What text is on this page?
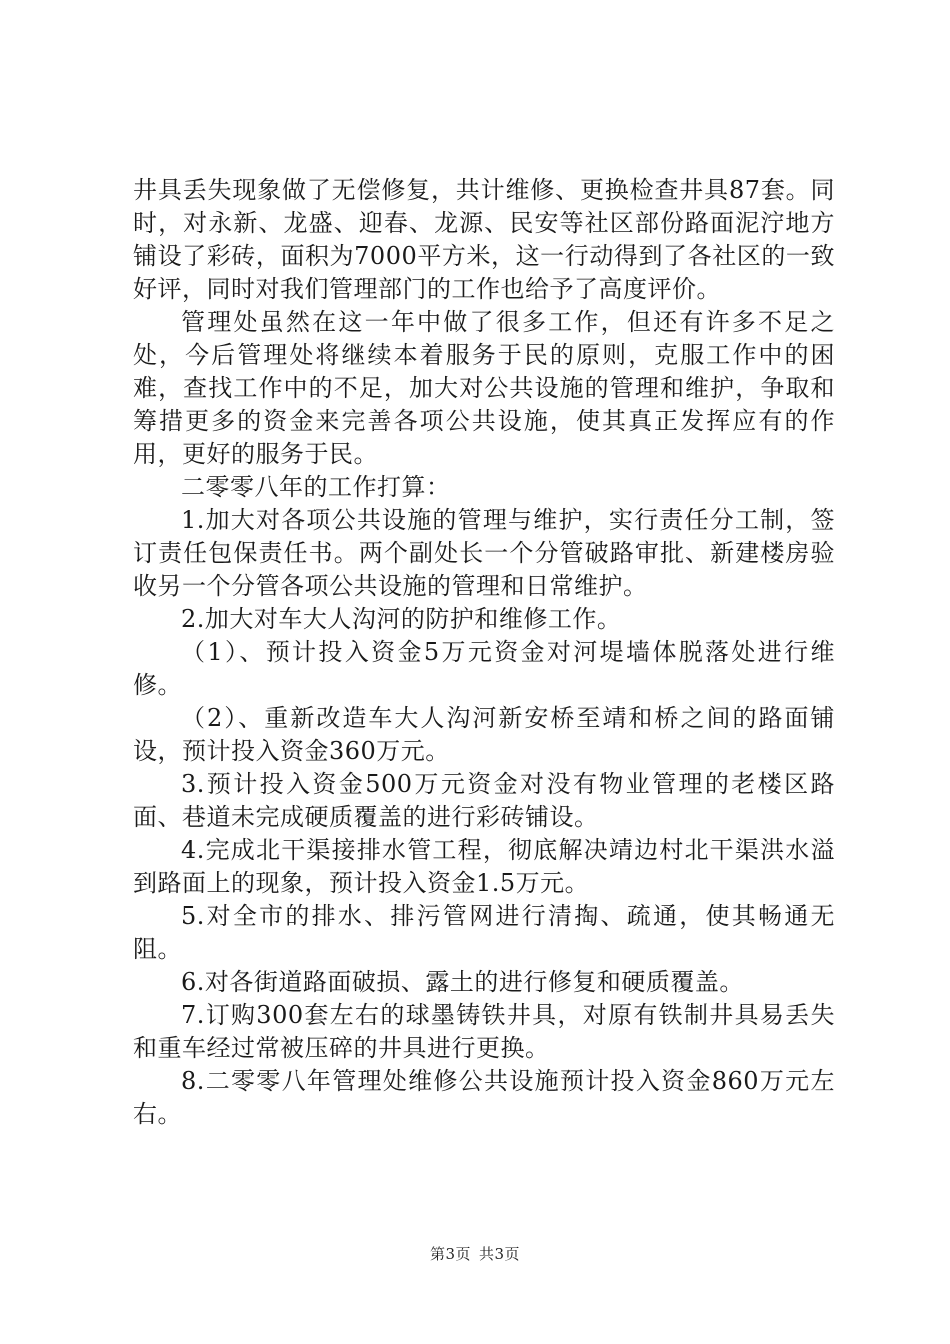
井具丢失现象做了无偿修复，共计维修、更换检查井具87套。同时，对永新、龙盛、迎春、龙源、民安等社区部份路面泥泞地方铺设了彩砖，面积为7000平方米，这一行动得到了各社区的一致好评，同时对我们管理部门的工作也给予了高度评价。

管理处虽然在这一年中做了很多工作，但还有许多不足之处，今后管理处将继续本着服务于民的原则，克服工作中的困难，查找工作中的不足，加大对公共设施的管理和维护，争取和筹措更多的资金来完善各项公共设施，使其真正发挥应有的作用，更好的服务于民。

二零零八年的工作打算：

1.加大对各项公共设施的管理与维护，实行责任分工制，签订责任包保责任书。两个副处长一个分管破路审批、新建楼房验收另一个分管各项公共设施的管理和日常维护。

2.加大对车大人沟河的防护和维修工作。

（1）、预计投入资金5万元资金对河堤墙体脱落处进行维修。

（2）、重新改造车大人沟河新安桥至靖和桥之间的路面铺设，预计投入资金360万元。

3.预计投入资金500万元资金对没有物业管理的老楼区路面、巷道未完成硬质覆盖的进行彩砖铺设。

4.完成北干渠接排水管工程，彻底解决靖边村北干渠洪水溢到路面上的现象，预计投入资金1.5万元。

5.对全市的排水、排污管网进行清掏、疏通，使其畅通无阻。

6.对各街道路面破损、露土的进行修复和硬质覆盖。

7.订购300套左右的球墨铸铁井具，对原有铁制井具易丢失和重车经过常被压碎的井具进行更换。

8.二零零八年管理处维修公共设施预计投入资金860万元左右。

第3页 共3页
